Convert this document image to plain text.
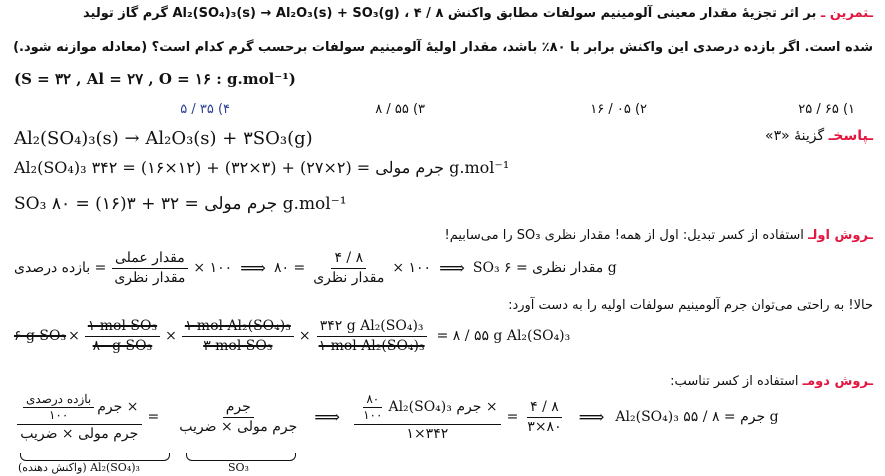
ـتمرین ـ بر اثر تجزیهٔ مقدار معینی آلومینیم سولفات مطابق واکنش Al₂(SO₄)₃(s) → Al₂O₃(s) + SO₃(g) ، ۴ / ۸ گرم گاز تولید
شده است. اگر بازده درصدی این واکنش برابر با ۸۰٪ باشد، مقدار اولیهٔ آلومینیم سولفات برحسب گرم کدام است؟ (معادله موازنه شود.)
(S = ۳۲ , Al = ۲۷ , O = ۱۶ : g.mol⁻¹)
۲۵ / ۶۵ (۱
۱۶ / ۰۵ (۲
۸ / ۵۵ (۳
۵ / ۳۵ (۴
ـپاسخـ گزینهٔ «۳»
Al₂(SO₄)₃(s) → Al₂O₃(s) + ۳SO₃(g)
Al₂(SO₄)₃ جرم مولی = (۲×۲۷) + (۳×۳۲) + (۱۲×۱۶) = ۳۴۲ g.mol⁻¹
SO₃ جرم مولی = ۳۲ + ۳(۱۶) = ۸۰ g.mol⁻¹
ـروش اولـ استفاده از کسر تبدیل: اول از همه! مقدار نظری SO₃ را می‌سابیم!
بازده درصدی = $\frac{\text{مقدار عملی}}{\text{مقدار نظری}}$ × ۱۰۰ ⟹ ۸۰ = $\frac{۴ / ۸}{\text{مقدار نظری}}$ × ۱۰۰ ⟹ SO₃ مقدار نظری = ۶ g
حالا! به راحتی می‌توان جرم آلومینیم سولفات اولیه را به دست آورد:
۶ g $SO_3 \times \frac{\text{۱ mol SO₃}}{\text{۸۰ g SO₃}} \times \frac{\text{۱ mol Al₂(SO₄)₃}}{\text{۳ mol SO₃}} \times \frac{\text{۳۴۲ g Al₂(SO₄)₃}}{\text{۱ mol Al₂(SO₄)₃}}$ = ۸ / ۵۵ g Al₂(SO₄)₃
ـروش دومـ استفاده از کسر تناسب:
$\frac{\frac{\text{بازده درصدی}}{۱۰۰} جرم \times}{\text{جرم مولی × ضریب}} = \frac{\text{جرم}}{\text{جرم مولی × ضریب}}$ ⟹ $\frac{\frac{۸۰}{۱۰۰} Al_2(SO_4)_3 جرم \times}{۱\times ۳۴۲} = \frac{۴ / ۸}{۳\times ۸۰}$ ⟹ Al₂(SO₄)₃ جرم = ۸ / ۵۵ g
(واکنش دهنده) Al₂(SO₄)₃	SO₃
